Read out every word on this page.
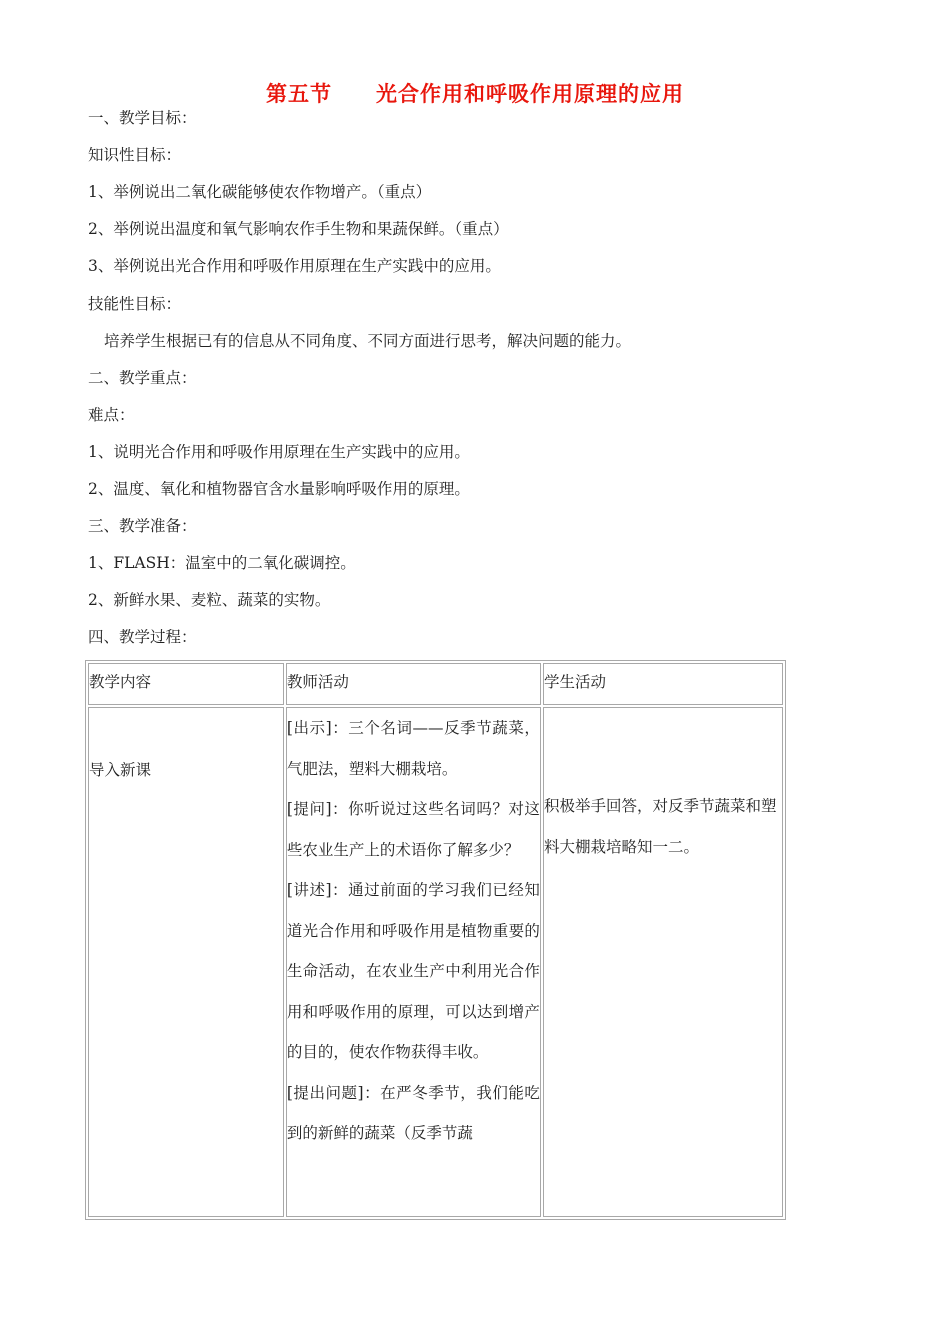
第五节 光合作用和呼吸作用原理的应用
一、教学目标：
知识性目标：
1、举例说出二氧化碳能够使农作物增产。（重点）
2、举例说出温度和氧气影响农作手生物和果蔬保鲜。（重点）
3、举例说出光合作用和呼吸作用原理在生产实践中的应用。
技能性目标：
培养学生根据已有的信息从不同角度、不同方面进行思考，解决问题的能力。
二、教学重点：
难点：
1、说明光合作用和呼吸作用原理在生产实践中的应用。
2、温度、氧化和植物器官含水量影响呼吸作用的原理。
三、教学准备：
1、FLASH：温室中的二氧化碳调控。
2、新鲜水果、麦粒、蔬菜的实物。
四、教学过程：
教学内容	教师活动	学生活动

导入新课	[出示]：三个名词——反季节蔬菜，气肥法，塑料大棚栽培。

[提问]：你听说过这些名词吗？对这些农业生产上的术语你了解多少？

[讲述]：通过前面的学习我们已经知道光合作用和呼吸作用是植物重要的生命活动，在农业生产中利用光合作用和呼吸作用的原理，可以达到增产的目的，使农作物获得丰收。

[提出问题]：在严冬季节，我们能吃到的新鲜的蔬菜（反季节蔬	积极举手回答，对反季节蔬菜和塑料大棚栽培略知一二。
